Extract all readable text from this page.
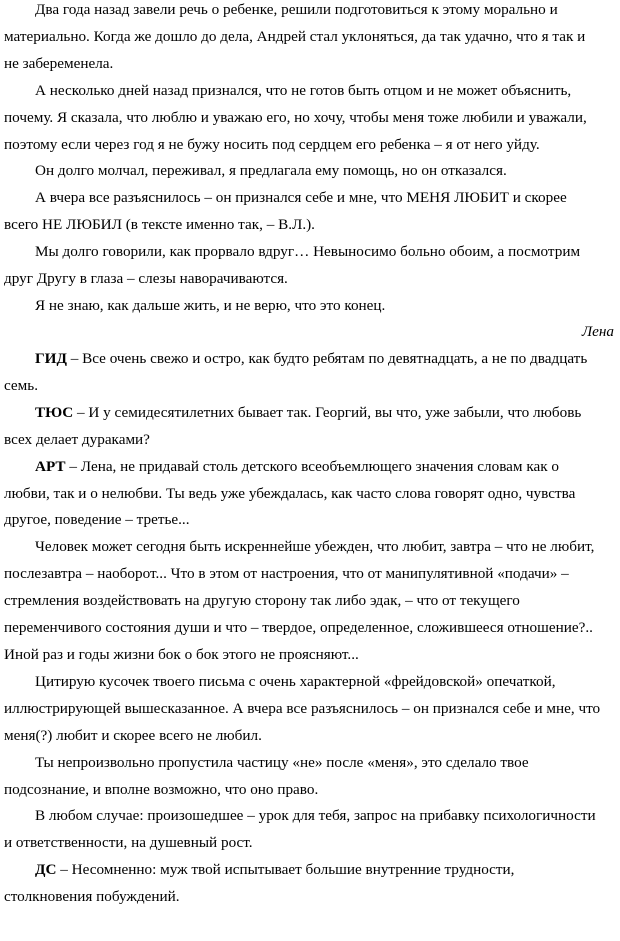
Два года назад завели речь о ребенке, решили подготовиться к этому морально и
материально. Когда же дошло до дела, Андрей стал уклоняться, да так удачно, что я так и
не забеременела.

А несколько дней назад признался, что не готов быть отцом и не может объяснить,
почему. Я сказала, что люблю и уважаю его, но хочу, чтобы меня тоже любили и уважали,
поэтому если через год я не бужу носить под сердцем его ребенка – я от него уйду.

Он долго молчал, переживал, я предлагала ему помощь, но он отказался.

А вчера все разъяснилось – он признался себе и мне, что МЕНЯ ЛЮБИТ и скорее
всего НЕ ЛЮБИЛ (в тексте именно так, – В.Л.).

Мы долго говорили, как прорвало вдруг… Невыносимо больно обоим, а посмотрим
друг Другу в глаза – слезы наворачиваются.

Я не знаю, как дальше жить, и не верю, что это конец.

Лена

ГИД – Все очень свежо и остро, как будто ребятам по девятнадцать, а не по двадцать
семь.

ТЮС – И у семидесятилетних бывает так. Георгий, вы что, уже забыли, что любовь
всех делает дураками?

АРТ – Лена, не придавай столь детского всеобъемлющего значения словам как о
любви, так и о нелюбви. Ты ведь уже убеждалась, как часто слова говорят одно, чувства
другое, поведение – третье...

Человек может сегодня быть искреннейше убежден, что любит, завтра – что не любит,
послезавтра – наоборот... Что в этом от настроения, что от манипулятивной «подачи» –
стремления воздействовать на другую сторону так либо эдак, – что от текущего
переменчивого состояния души и что – твердое, определенное, сложившееся отношение?..
Иной раз и годы жизни бок о бок этого не проясняют...

Цитирую кусочек твоего письма с очень характерной «фрейдовской» опечаткой,
иллюстрирующей вышесказанное. А вчера все разъяснилось – он признался себе и мне, что
меня(?) любит и скорее всего не любил.

Ты непроизвольно пропустила частицу «не» после «меня», это сделало твое
подсознание, и вполне возможно, что оно право.

В любом случае: произошедшее – урок для тебя, запрос на прибавку психологичности
и ответственности, на душевный рост.

ДС – Несомненно: муж твой испытывает большие внутренние трудности,
столкновения побуждений.
